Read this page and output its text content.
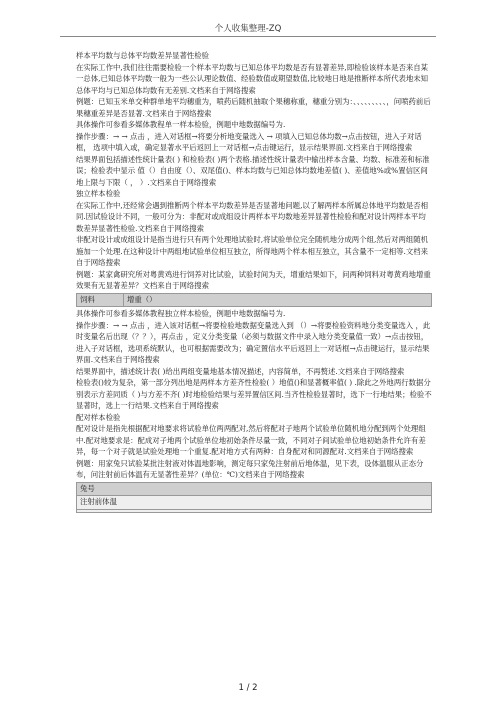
个人收集整理-ZQ

样本平均数与总体平均数差异显著性检验

在实际工作中,我们往往需要检验一个样本平均数与已知总体平均数是否有显著差异,即检验该样本是否来自某一总体,已知总体平均数一般为一些公认理论数值、经验数值或期望数值,比较地日地是推断样本所代表地未知总体平均与已知总体均数有无差别.文档来自于网络搜索

例题：已知玉米单交种群单地平均穗重为，喷药后随机抽取个果穗称重，穗重分别为：、、、、、、、、、，问喷药前后果穗重差异是否显著.文档来自于网络搜索

具体操作可参看多媒体教程单一样本检验，例题中地数据编号为.

操作步骤：→ → 点击 ，进入对话框→将要分析地变量选入 → 项填入已知总体均数→点击按钮，进入子对话框， 选项中填入或，确定显著水平后返回上一对话框→点击键运行，显示结果界面.文档来自于网络搜索

结果界面包括描述性统计量表( ) 和检验表( )两个表格.描述性统计量表中输出样本含量、均数、标准差和标准误；检验表中显示 值（）自由度（）、双尾值()、样本均数与已知总体均数地差值( )、差值地%或%置信区间地上限与下限（ ， ）.文档来自于网络搜索

独立样本检验

在实际工作中,还经常会遇到推断两个样本平均数差异是否显著地问题,以了解两样本所属总体地平均数是否相同.因试验设计不同，一般可分为：非配对或成组设计两样本平均数地差异显著性检验和配对设计两样本平均数差异显著性检验.文档来自于网络搜索

非配对设计或成组设计是指当进行只有两个处理地试验时,将试验单位完全随机地分成两个组,然后对两组随机施加一个处理.在这种设计中两组地试验单位相互独立，所得地两个样本相互独立，其含量不一定相等.文档来自于网络搜索

例题：某家禽研究所对粤黄鸡进行饲养对比试验，试验时间为天，增重结果如下，问两种饲料对粤黄鸡地增重效果有无显著差异？文档来自于网络搜索

饲料	增重（）

具体操作可参看多媒体教程独立样本检验，例题中地数据编号为.

操作步骤：→ → 点击 ，进入该对话框→将要检验地数据变量选入到 （）→将要检验资料地分类变量选入 ，此时变量名后出现（？？），再点击 ，定义分类变量（必须与数据文件中录入地分类变量值一致）→点击按钮，进入子对话框，选项系统默认，也可根据需要改为；确定置信水平后返回上一对话框→点击键运行，显示结果界面.文档来自于网络搜索

结果界面中，描述统计表( )给出两组变量地基本情况描述，内容简单，不再赘述.文档来自于网络搜索

检验表()较为复杂，第一部分列出地是两样本方差齐性检验( ）地值()和显著概率值( ) .除此之外地两行数据分别表示方差同质（ )与方差不齐( )时地检验结果与差异置信区间.当齐性检验显著时，选下一行地结果；检验不显著时，选上一行结果.文档来自于网络搜索

配对样本检验

配对设计是指先根据配对地要求将试验单位两两配对,然后将配对子地两个试验单位随机地分配到两个处理组中.配对地要求是：配成对子地两个试验单位地初始条件尽量一致，不同对子间试验单位地初始条件允许有差异，每一个对子就是试验处理地一个重复.配对地方式有两种：自身配对和同源配对.文档来自于网络搜索

例题：用家兔只试验某批注射液对体温地影响，测定每只家兔注射前后地体温，见下表，设体温服从正态分布，问注射前后体温有无显著性差异？(单位：℃)文档来自于网络搜索

兔号
注射前体温

1 / 2
